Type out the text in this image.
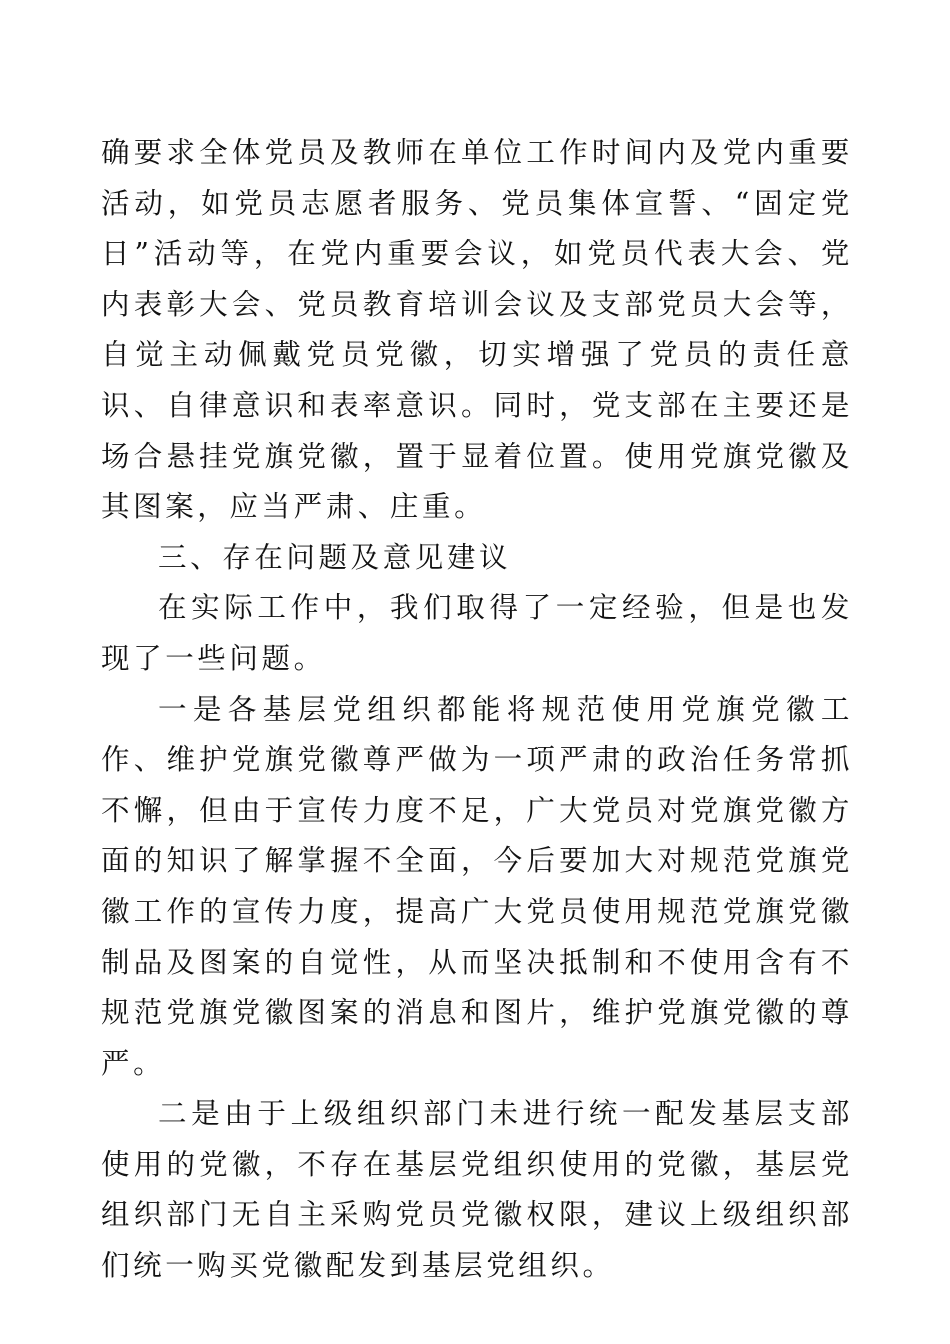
确要求全体党员及教师在单位工作时间内及党内重要活动，如党员志愿者服务、党员集体宣誓、“固定党日”活动等，在党内重要会议，如党员代表大会、党内表彰大会、党员教育培训会议及支部党员大会等，自觉主动佩戴党员党徽，切实增强了党员的责任意识、自律意识和表率意识。同时，党支部在主要还是场合悬挂党旗党徽，置于显着位置。使用党旗党徽及其图案，应当严肃、庄重。

三、存在问题及意见建议

在实际工作中，我们取得了一定经验，但是也发现了一些问题。

一是各基层党组织都能将规范使用党旗党徽工作、维护党旗党徽尊严做为一项严肃的政治任务常抓不懈，但由于宣传力度不足，广大党员对党旗党徽方面的知识了解掌握不全面，今后要加大对规范党旗党徽工作的宣传力度，提高广大党员使用规范党旗党徽制品及图案的自觉性，从而坚决抵制和不使用含有不规范党旗党徽图案的消息和图片，维护党旗党徽的尊严。

二是由于上级组织部门未进行统一配发基层支部使用的党徽，不存在基层党组织使用的党徽，基层党组织部门无自主采购党员党徽权限，建议上级组织部们统一购买党徽配发到基层党组织。
